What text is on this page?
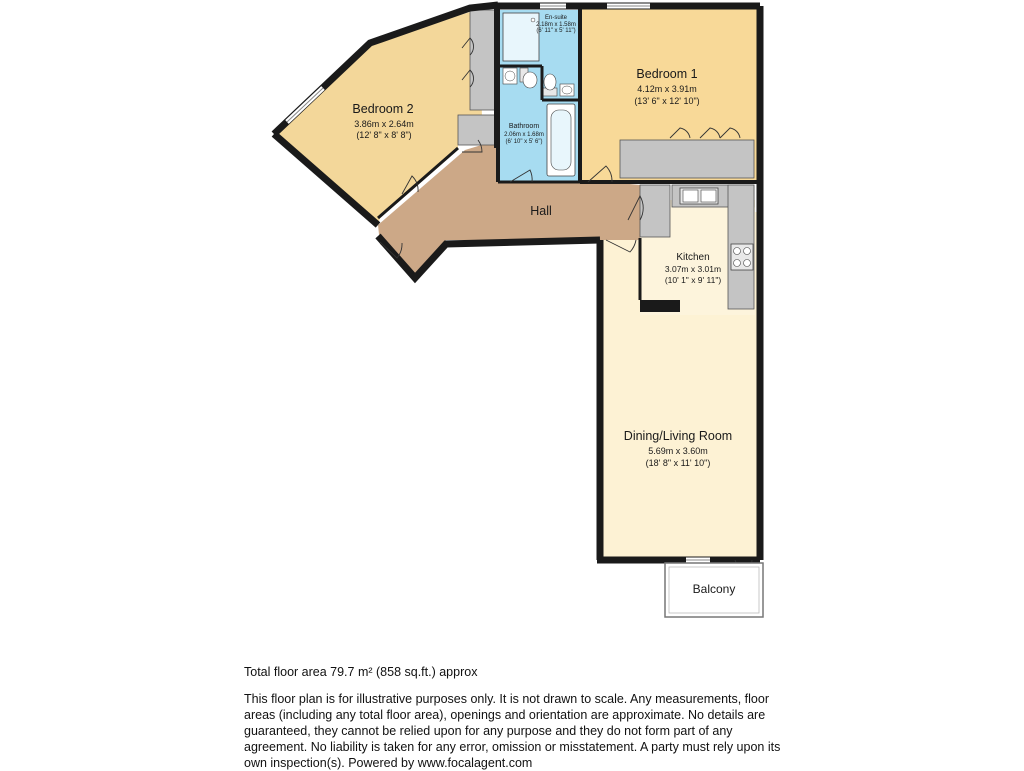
Bedroom 2
3.86m x 2.64m
(12' 8" x 8' 8")
En-suite
2.18m x 1.58m
(6' 11" x 5' 11")
Bathroom
2.06m x 1.68m
(6' 10" x 5' 6")
Bedroom 1
4.12m x 3.91m
(13' 6" x 12' 10")
Hall
Kitchen
3.07m x 3.01m
(10' 1" x 9' 11")
Dining/Living Room
5.69m x 3.60m
(18' 8" x 11' 10")
Balcony

Total floor area 79.7 m² (858 sq.ft.) approx

This floor plan is for illustrative purposes only. It is not drawn to scale. Any measurements, floor areas (including any total floor area), openings and orientation are approximate. No details are guaranteed, they cannot be relied upon for any purpose and they do not form part of any agreement. No liability is taken for any error, omission or misstatement. A party must rely upon its own inspection(s). Powered by www.focalagent.com
